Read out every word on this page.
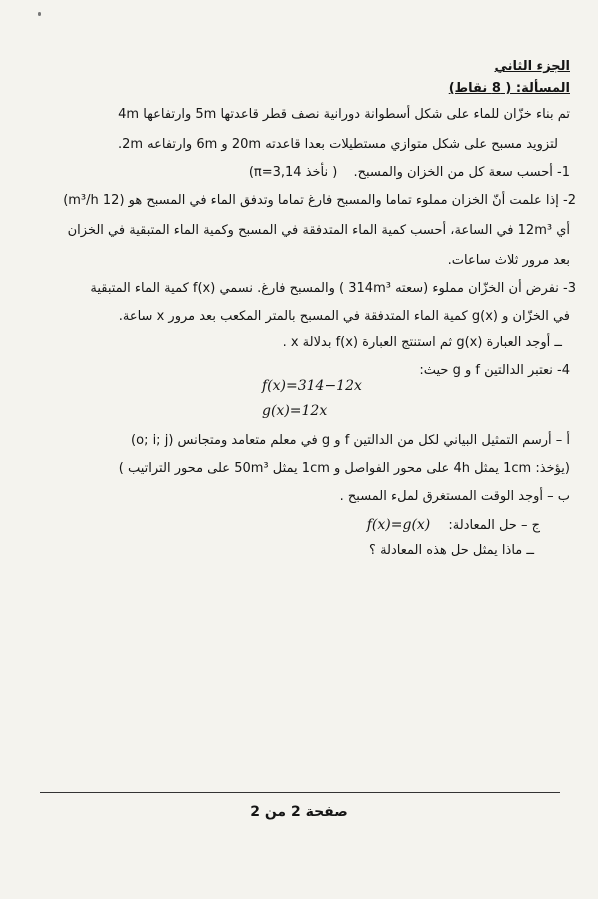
الجزء الثاني
المسألة: ( 8 نقاط)
تم بناء خزّان للماء على شكل أسطوانة دورانية نصف قطر قاعدتها 5m وارتفاعها 4m
لتزويد مسبح على شكل متوازي مستطيلات بعدا قاعدته 20m و 6m وارتفاعه 2m.
1- أحسب سعة كل من الخزان والمسبح. ( نأخذ π=3,14)
2- إذا علمت أنّ الخزان مملوء تماما والمسبح فارغ تماما وتدفق الماء في المسبح هو (12 m³/h)
أي 12m³ في الساعة، أحسب كمية الماء المتدفقة في المسبح وكمية الماء المتبقية في الخزان
بعد مرور ثلاث ساعات.
3- نفرض أن الخزّان مملوء (سعته 314m³ ) والمسبح فارغ. نسمي f(x) كمية الماء المتبقية
في الخزّان و g(x) كمية الماء المتدفقة في المسبح بالمتر المكعب بعد مرور x ساعة.
ــ أوجد العبارة g(x) ثم استنتج العبارة f(x) بدلالة x .
4- نعتبر الدالتين f و g حيث:
f(x)=314−12x
g(x)=12x
أ – أرسم التمثيل البياني لكل من الدالتين f و g في معلم متعامد ومتجانس (o; i; j)
(يؤخذ: 1cm يمثل 4h على محور الفواصل و 1cm يمثل 50m³ على محور التراتيب )
ب – أوجد الوقت المستغرق لملء المسبح .
ج – حل المعادلة: f(x)=g(x)
ــ ماذا يمثل حل هذه المعادلة ؟
صفحة 2 من 2
